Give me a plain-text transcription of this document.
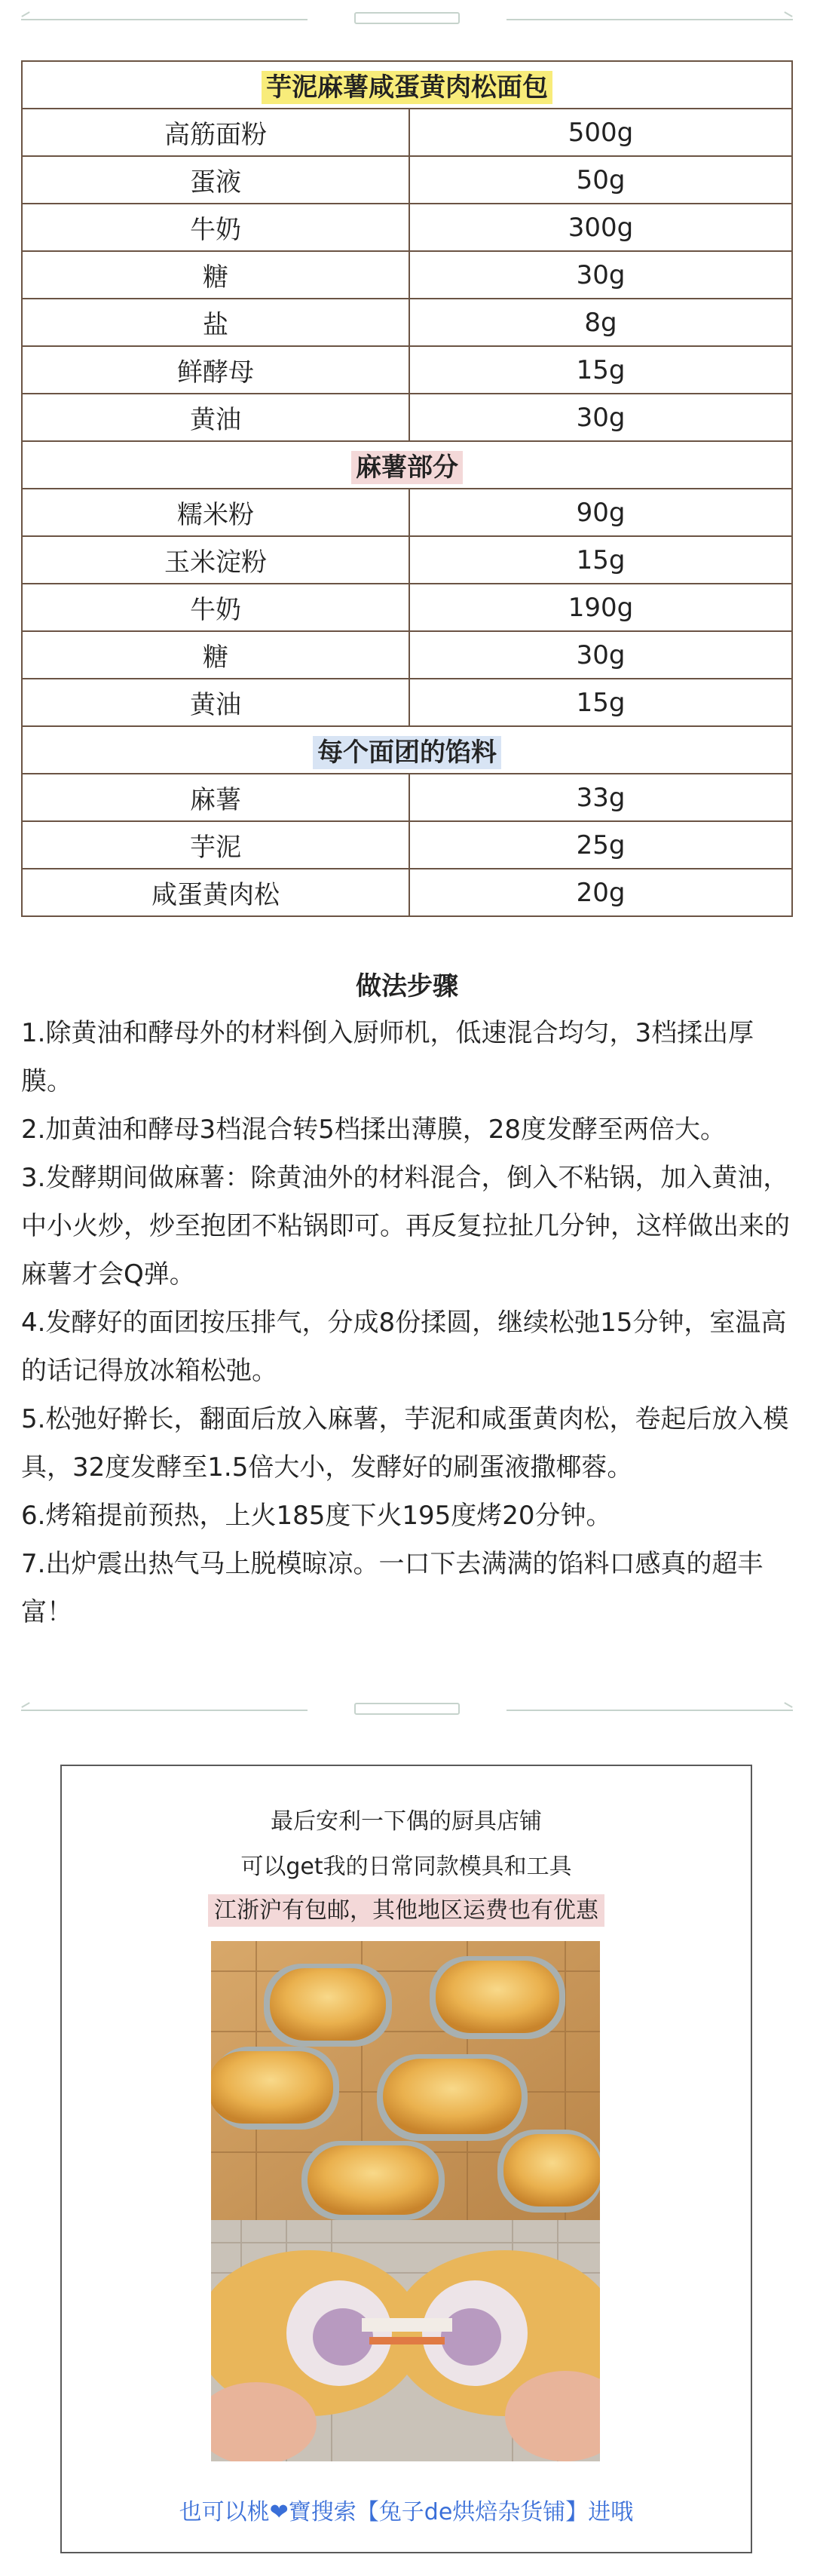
芋泥麻薯咸蛋黄肉松面包	
高筋面粉	500g
蛋液	50g
牛奶	300g
糖	30g
盐	8g
鲜酵母	15g
黄油	30g
麻薯部分	
糯米粉	90g
玉米淀粉	15g
牛奶	190g
糖	30g
黄油	15g
每个面团的馅料	
麻薯	33g
芋泥	25g
咸蛋黄肉松	20g
做法步骤

1.除黄油和酵母外的材料倒入厨师机，低速混合均匀，3档揉出厚膜。

2.加黄油和酵母3档混合转5档揉出薄膜，28度发酵至两倍大。

3.发酵期间做麻薯：除黄油外的材料混合，倒入不粘锅，加入黄油，中小火炒，炒至抱团不粘锅即可。再反复拉扯几分钟，这样做出来的麻薯才会Q弹。

4.发酵好的面团按压排气，分成8份揉圆，继续松弛15分钟，室温高的话记得放冰箱松弛。

5.松弛好擀长，翻面后放入麻薯，芋泥和咸蛋黄肉松，卷起后放入模具，32度发酵至1.5倍大小，发酵好的刷蛋液撒椰蓉。

6.烤箱提前预热，上火185度下火195度烤20分钟。

7.出炉震出热气马上脱模晾凉。一口下去满满的馅料口感真的超丰富！

最后安利一下偶的厨具店铺
可以get我的日常同款模具和工具
江浙沪有包邮，其他地区运费也有优惠
也可以桃❤寶搜索【兔子de烘焙杂货铺】进哦
